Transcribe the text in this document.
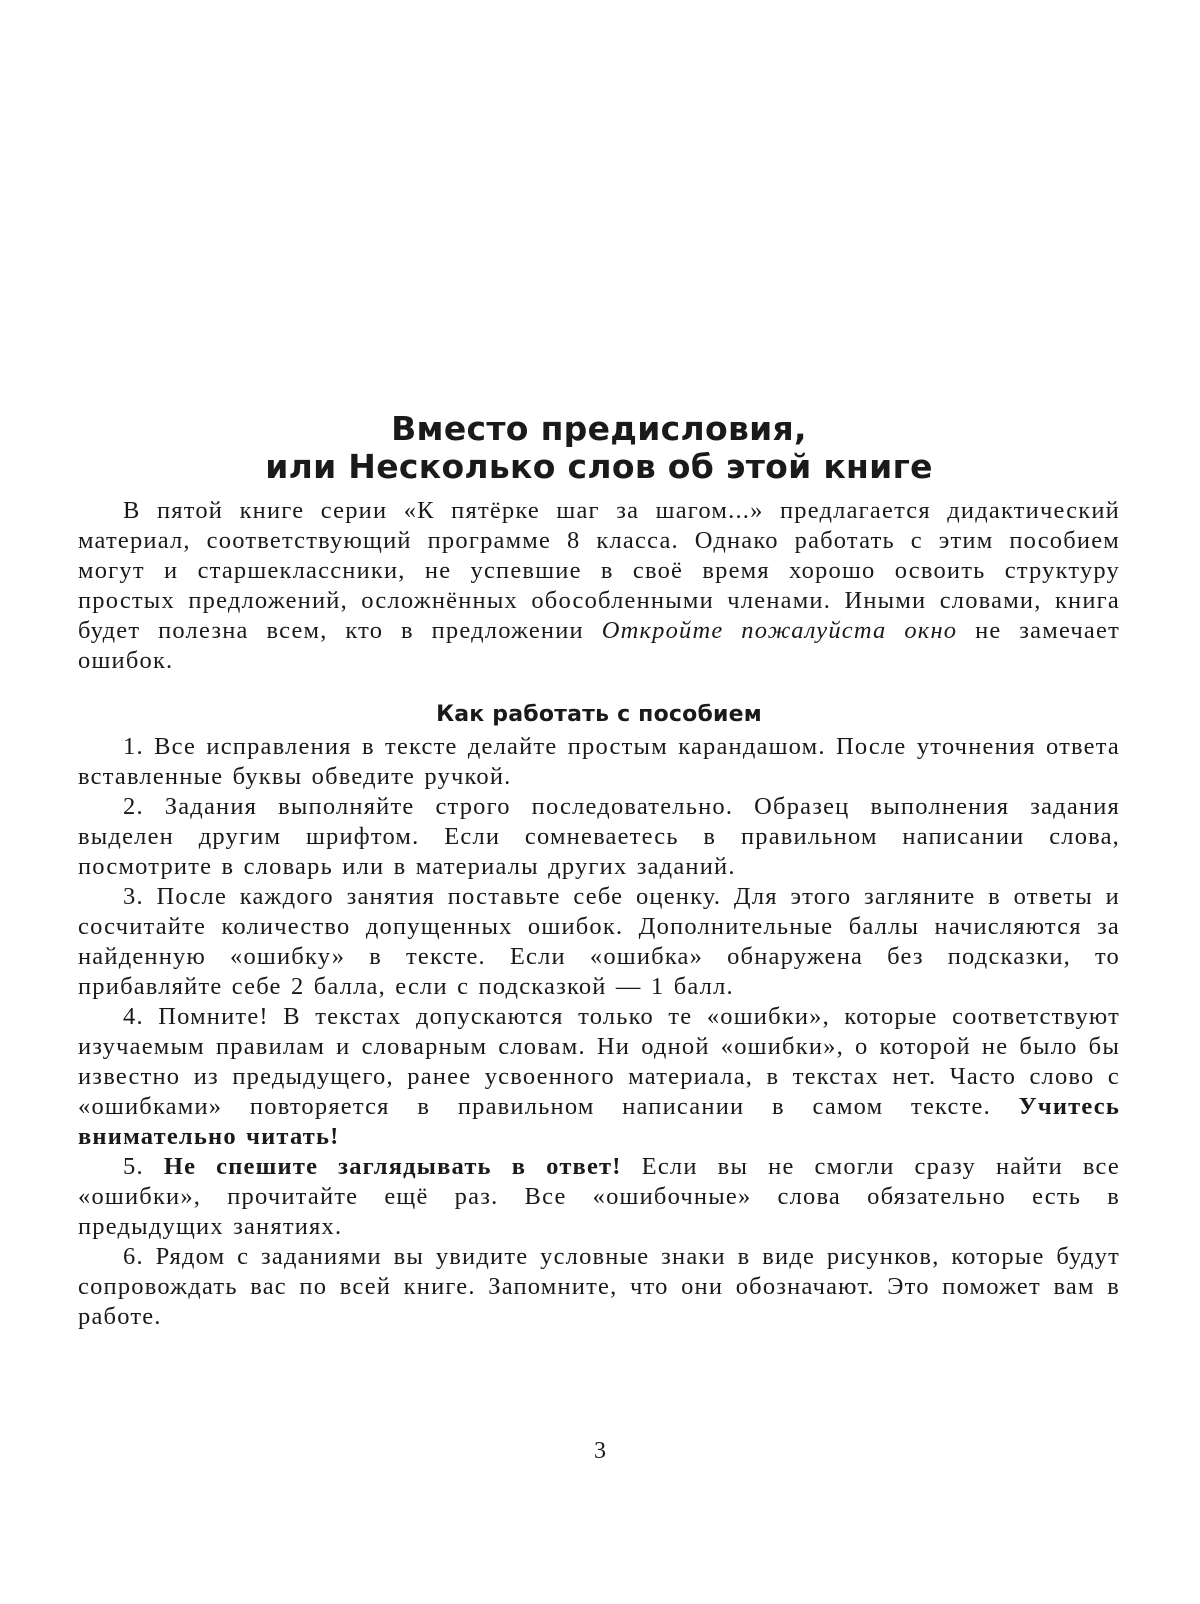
Вместо предисловия,
или Несколько слов об этой книге

В пятой книге серии «К пятёрке шаг за шагом...» предлагается дидактический материал, соответствующий программе 8 класса. Однако работать с этим пособием могут и старшеклассники, не успевшие в своё время хорошо освоить структуру простых предложений, осложнённых обособленными членами. Иными словами, книга будет полезна всем, кто в предложении Откройте пожалуйста окно не замечает ошибок.

Как работать с пособием

1. Все исправления в тексте делайте простым карандашом. После уточнения ответа вставленные буквы обведите ручкой.

2. Задания выполняйте строго последовательно. Образец выполнения задания выделен другим шрифтом. Если сомневаетесь в правильном написании слова, посмотрите в словарь или в материалы других заданий.

3. После каждого занятия поставьте себе оценку. Для этого загляните в ответы и сосчитайте количество допущенных ошибок. Дополнительные баллы начисляются за найденную «ошибку» в тексте. Если «ошибка» обнаружена без подсказки, то прибавляйте себе 2 балла, если с подсказкой — 1 балл.

4. Помните! В текстах допускаются только те «ошибки», которые соответствуют изучаемым правилам и словарным словам. Ни одной «ошибки», о которой не было бы известно из предыдущего, ранее усвоенного материала, в текстах нет. Часто слово с «ошибками» повторяется в правильном написании в самом тексте. Учитесь внимательно читать!

5. Не спешите заглядывать в ответ! Если вы не смогли сразу найти все «ошибки», прочитайте ещё раз. Все «ошибочные» слова обязательно есть в предыдущих занятиях.

6. Рядом с заданиями вы увидите условные знаки в виде рисунков, которые будут сопровождать вас по всей книге. Запомните, что они обозначают. Это поможет вам в работе.

3
